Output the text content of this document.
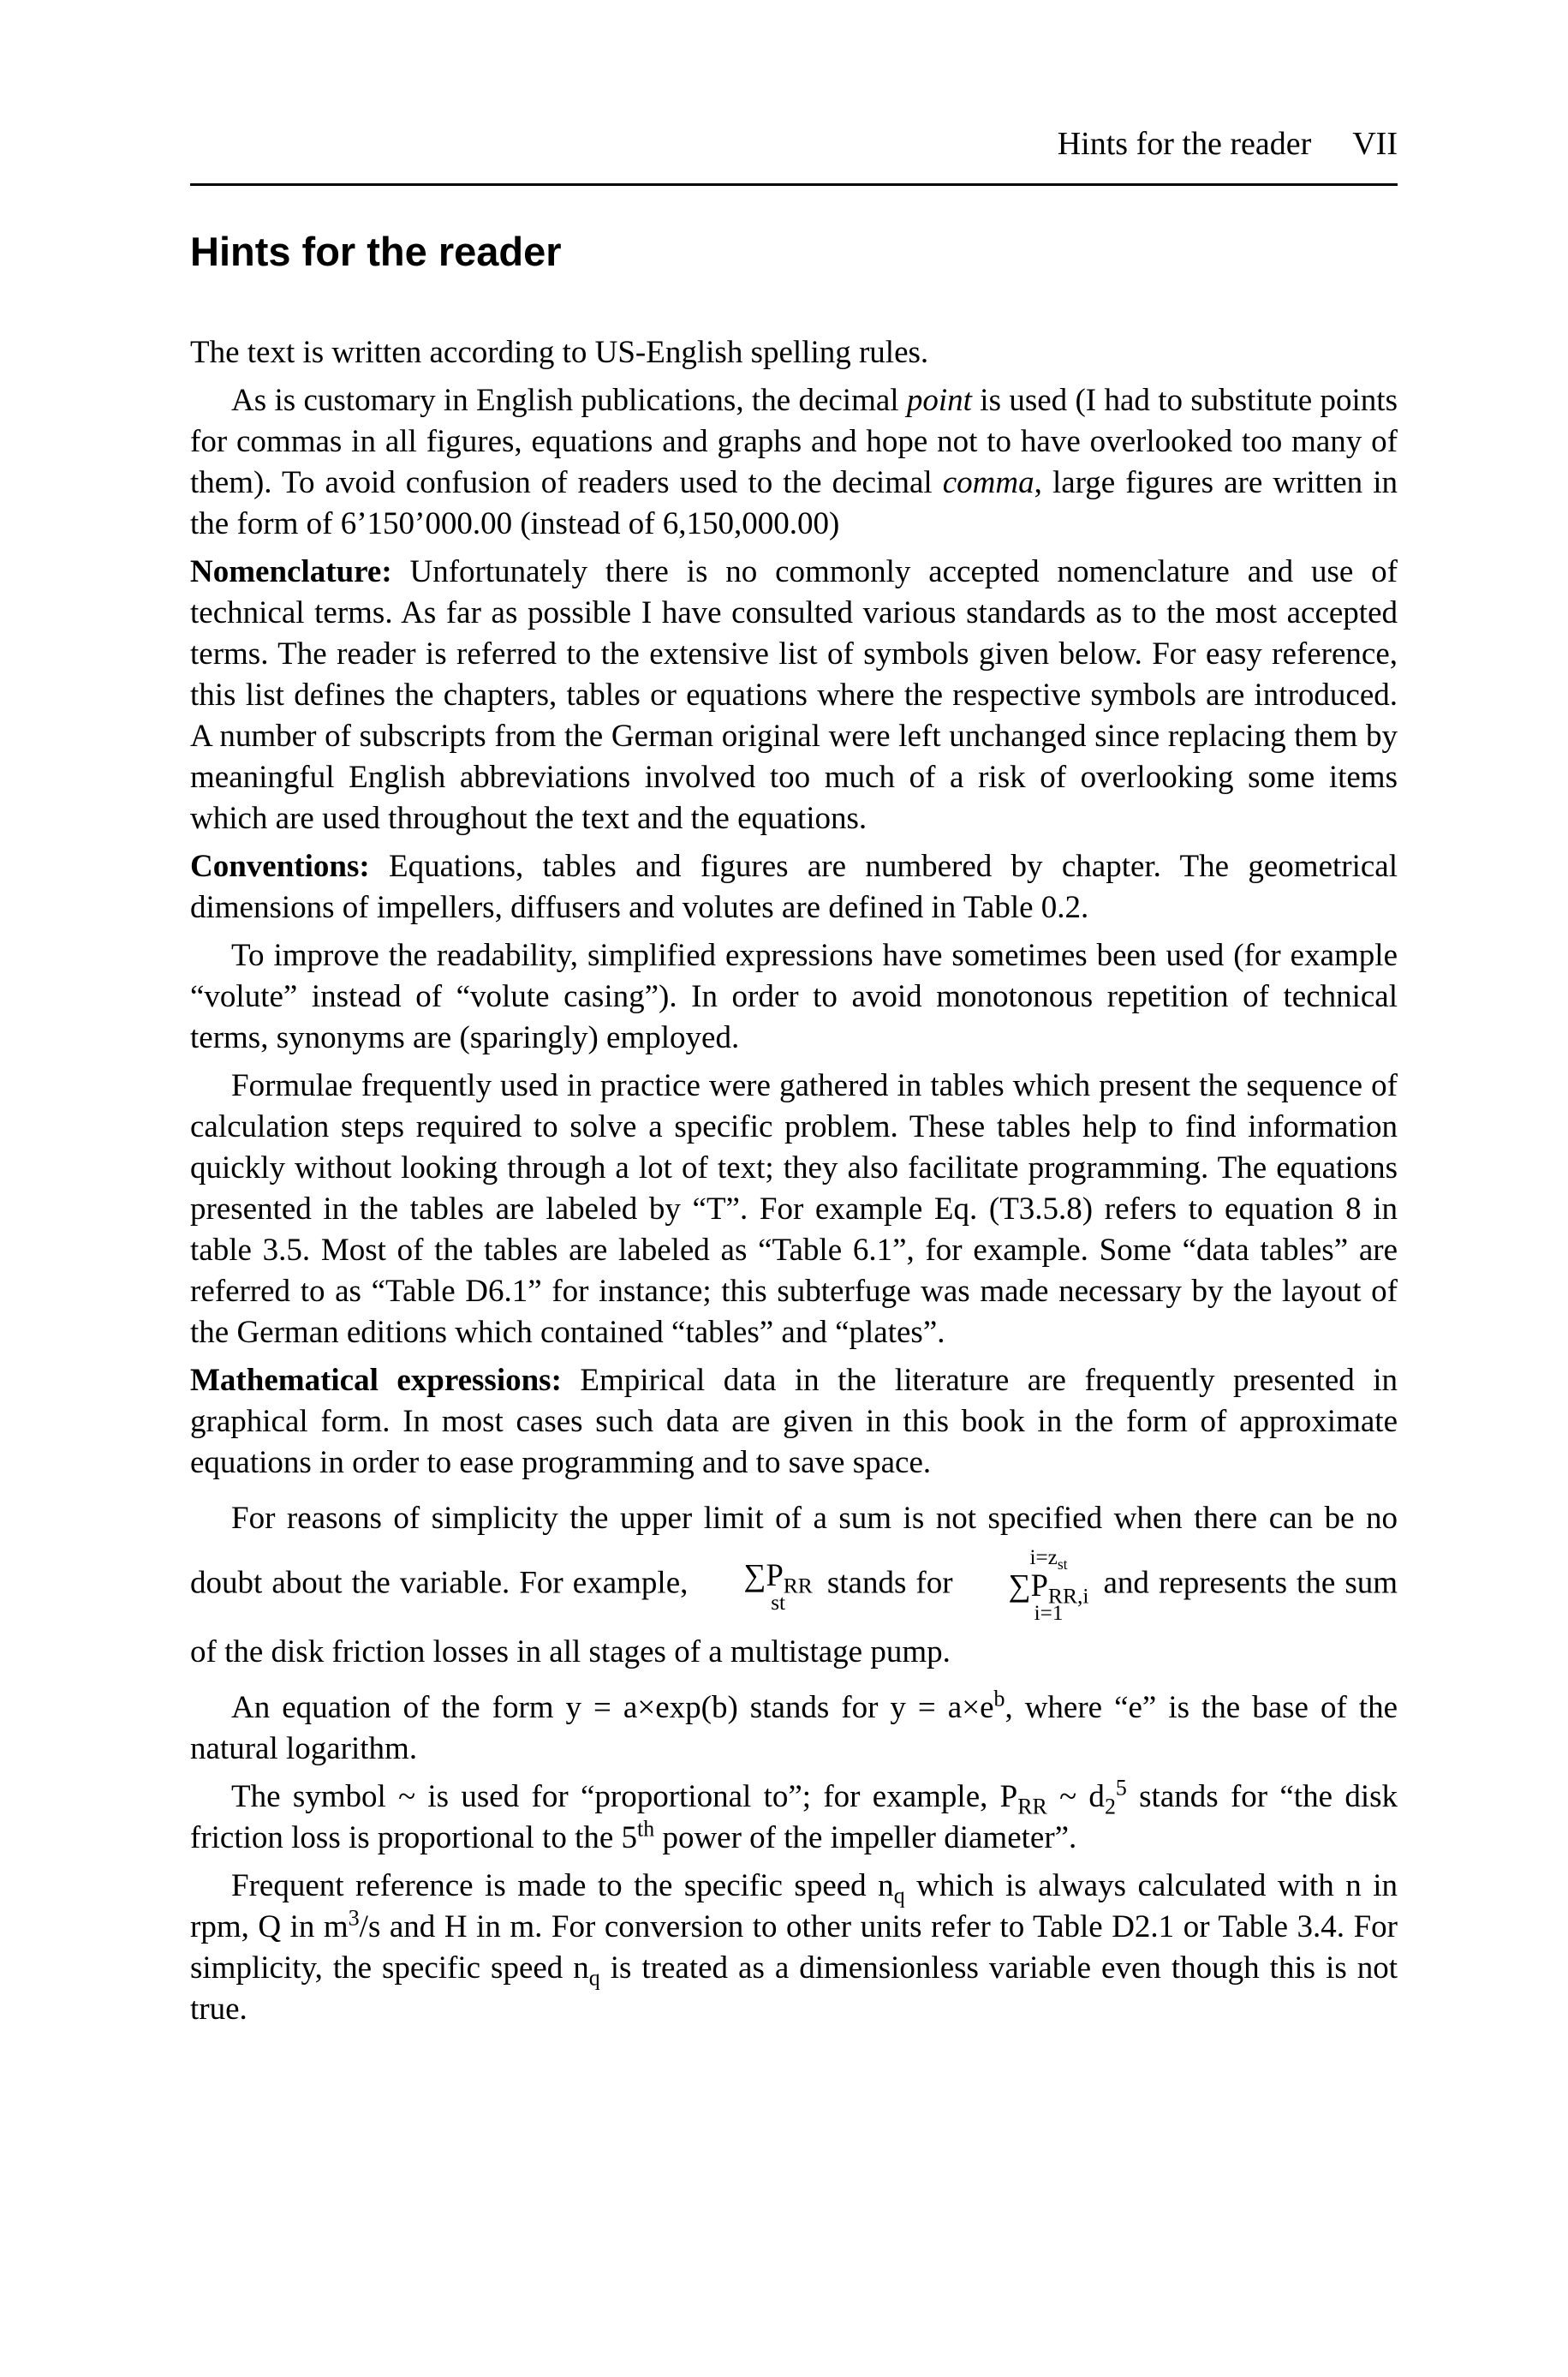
Hints for the reader VII
Hints for the reader

The text is written according to US-English spelling rules.

As is customary in English publications, the decimal point is used (I had to substitute points for commas in all figures, equations and graphs and hope not to have overlooked too many of them). To avoid confusion of readers used to the decimal comma, large figures are written in the form of 6’150’000.00 (instead of 6,150,000.00)

Nomenclature: Unfortunately there is no commonly accepted nomenclature and use of technical terms. As far as possible I have consulted various standards as to the most accepted terms. The reader is referred to the extensive list of symbols given below. For easy reference, this list defines the chapters, tables or equations where the respective symbols are introduced. A number of subscripts from the German original were left unchanged since replacing them by meaningful English abbreviations involved too much of a risk of overlooking some items which are used throughout the text and the equations.

Conventions: Equations, tables and figures are numbered by chapter. The geometrical dimensions of impellers, diffusers and volutes are defined in Table 0.2.

To improve the readability, simplified expressions have sometimes been used (for example “volute” instead of “volute casing”). In order to avoid monotonous repetition of technical terms, synonyms are (sparingly) employed.

Formulae frequently used in practice were gathered in tables which present the sequence of calculation steps required to solve a specific problem. These tables help to find information quickly without looking through a lot of text; they also facilitate programming. The equations presented in the tables are labeled by “T”. For example Eq. (T3.5.8) refers to equation 8 in table 3.5. Most of the tables are labeled as “Table 6.1”, for example. Some “data tables” are referred to as “Table D6.1” for instance; this subterfuge was made necessary by the layout of the German editions which contained “tables” and “plates”.

Mathematical expressions: Empirical data in the literature are frequently presented in graphical form. In most cases such data are given in this book in the form of approximate equations in order to ease programming and to save space.

For reasons of simplicity the upper limit of a sum is not specified when there can be no doubt about the variable. For example,	$\sum P_{RR}$
st
stands for
$i=z_{st}$
$\sum P_{RR,i}$
i=1
and represents the sum of the disk friction losses in all stages of a multistage pump.

An equation of the form y = a×exp(b) stands for $y = a\times e^b$, where “e” is the base of the natural logarithm.

The symbol ~ is used for “proportional to”; for example, $P_{RR}$ ~ $d_2^5$ stands for “the disk friction loss is proportional to the 5th power of the impeller diameter”.

Frequent reference is made to the specific speed $n_q$ which is always calculated with n in rpm, Q in $m^3/s$ and H in m. For conversion to other units refer to Table D2.1 or Table 3.4. For simplicity, the specific speed $n_q$ is treated as a dimensionless variable even though this is not true.
